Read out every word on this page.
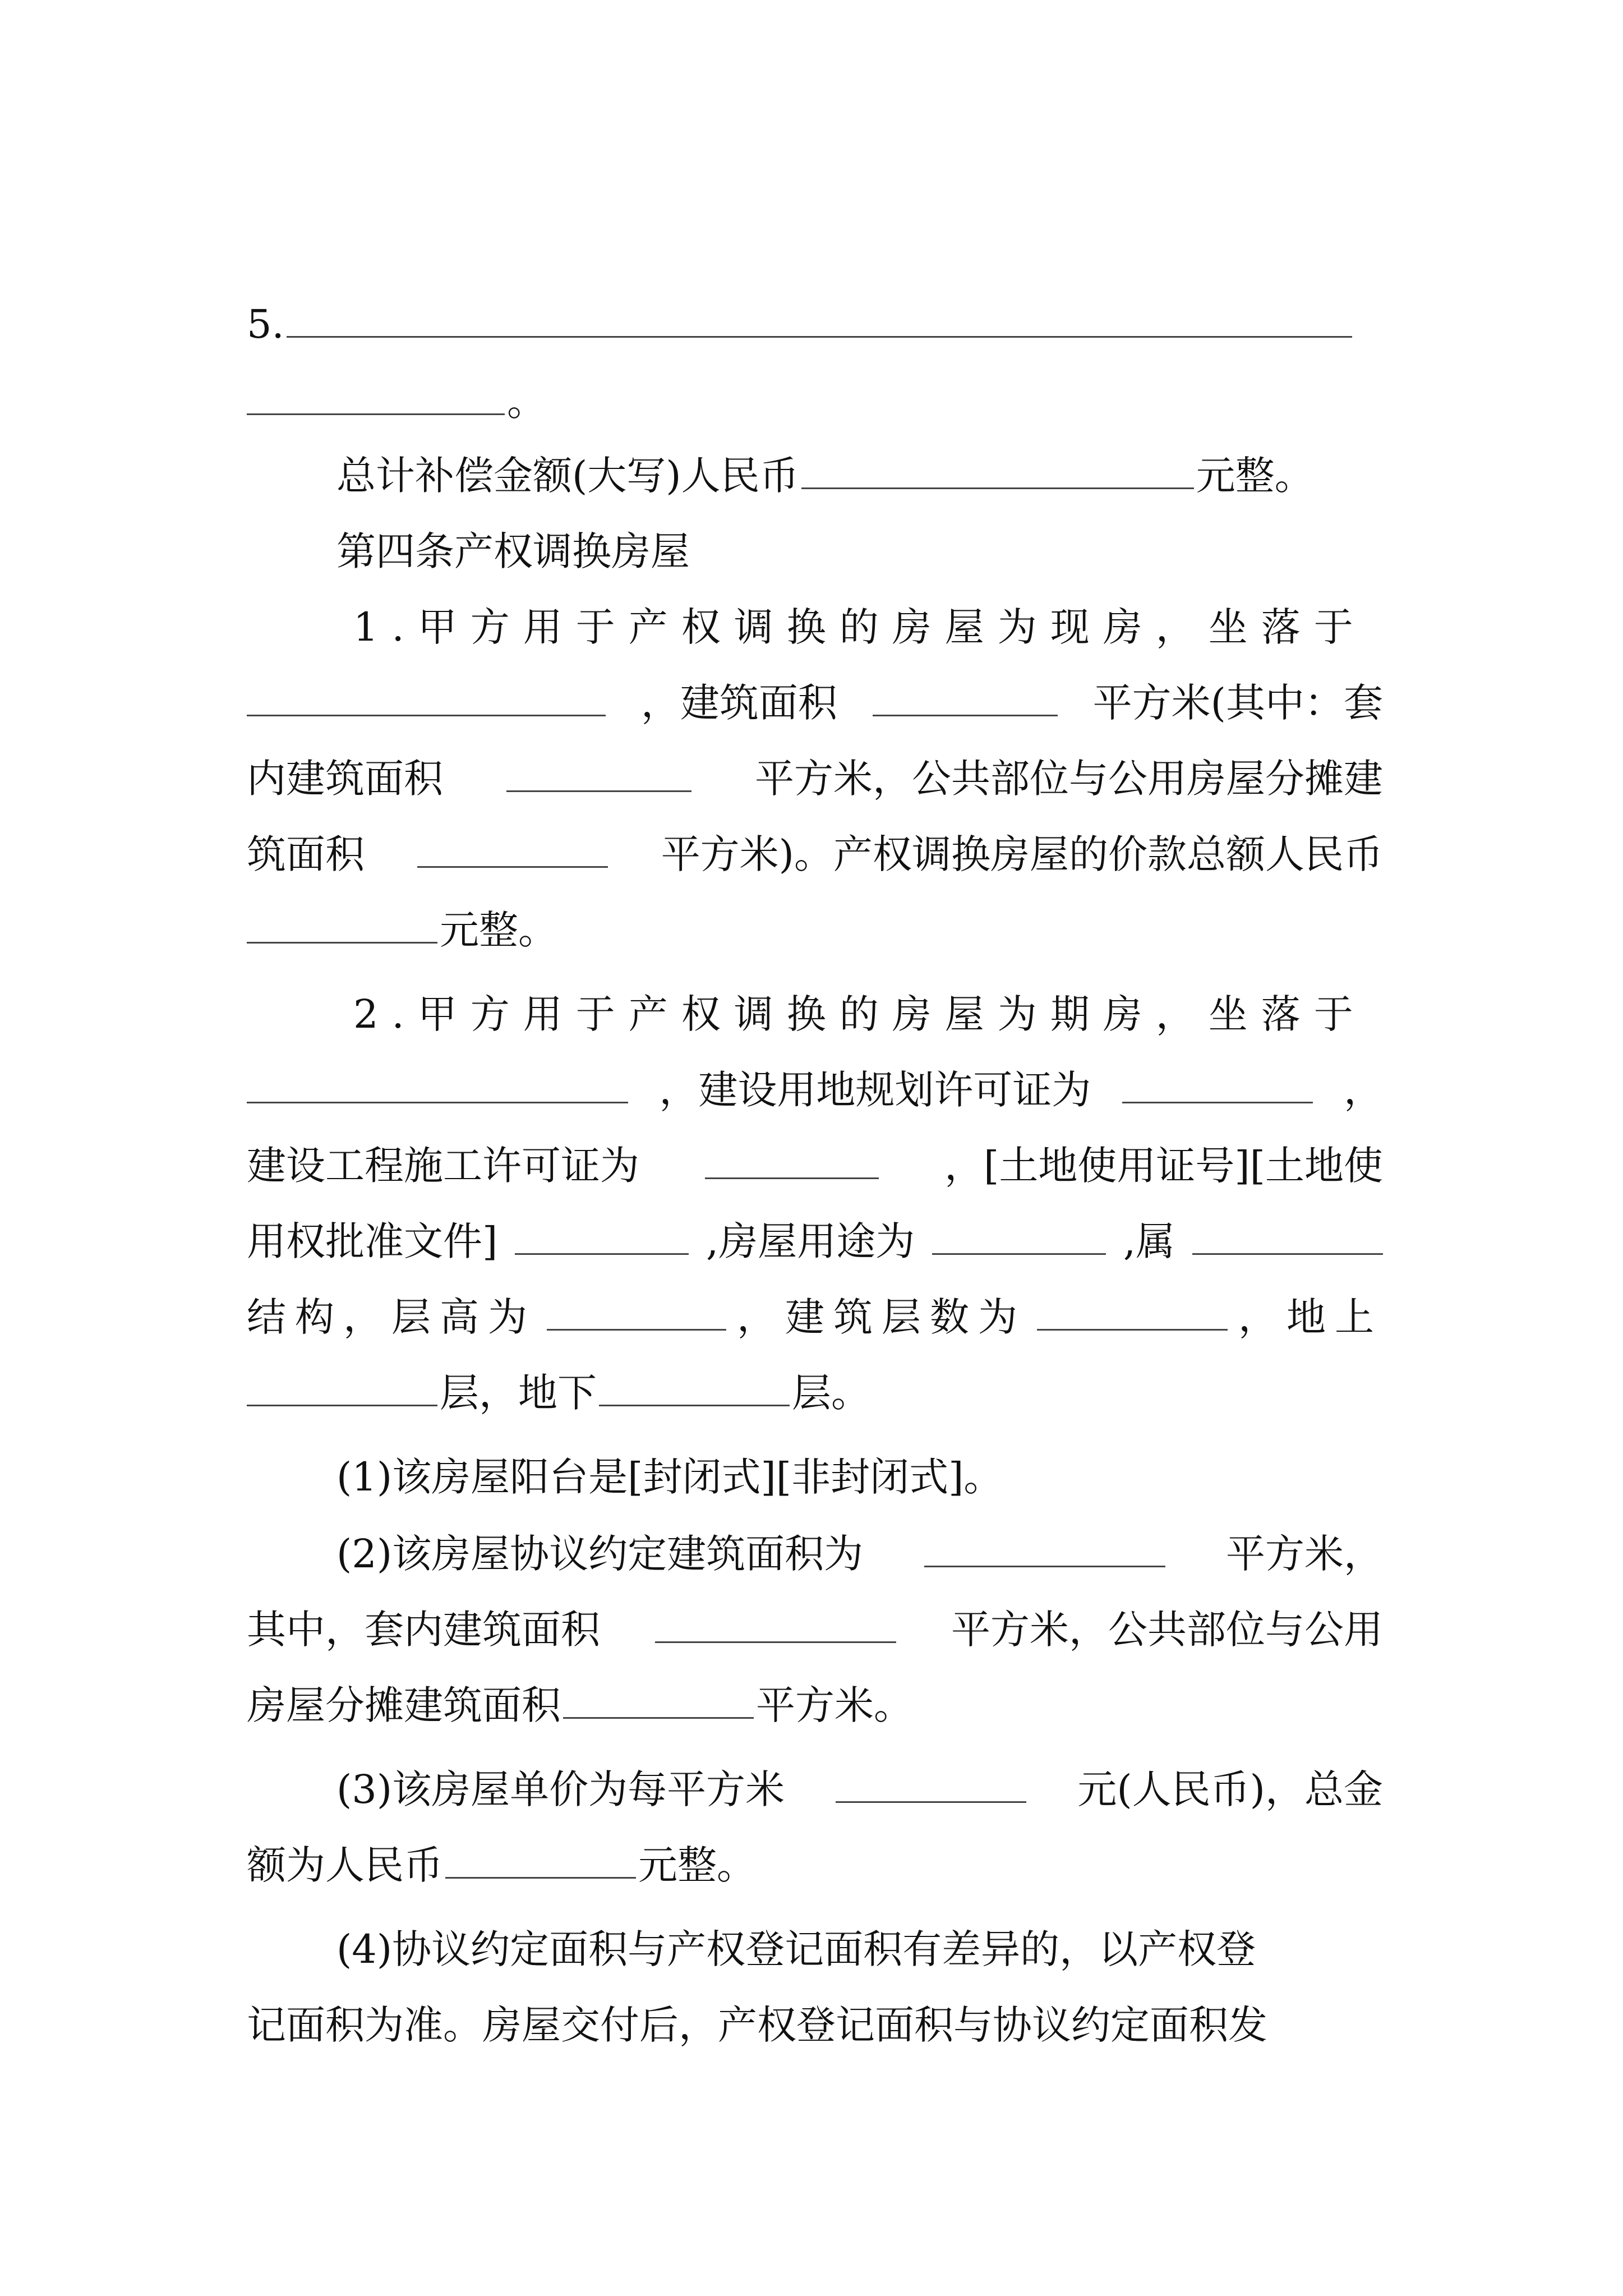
5.
。
总计补偿金额(大写)人民币	元整。
第四条产权调换房屋
1.甲方用于产权调换的房屋为现房，坐落于
，建筑面积	平方米(其中：套
内建筑面积	平方米，公共部位与公用房屋分摊建
筑面积	平方米)。产权调换房屋的价款总额人民币
元整。
2.甲方用于产权调换的房屋为期房，坐落于
，建设用地规划许可证为	，
建设工程施工许可证为	，[土地使用证号][土地使
用权批准文件]	,房屋用途为	,属
结构，层高为	，建筑层数为	，地上
层，地下	层。
(1)该房屋阳台是[封闭式][非封闭式]。
(2)该房屋协议约定建筑面积为	平方米，
其中，套内建筑面积	平方米，公共部位与公用
房屋分摊建筑面积	平方米。
(3)该房屋单价为每平方米	元(人民币)，总金
额为人民币	元整。
(4)协议约定面积与产权登记面积有差异的，以产权登
记面积为准。房屋交付后，产权登记面积与协议约定面积发
